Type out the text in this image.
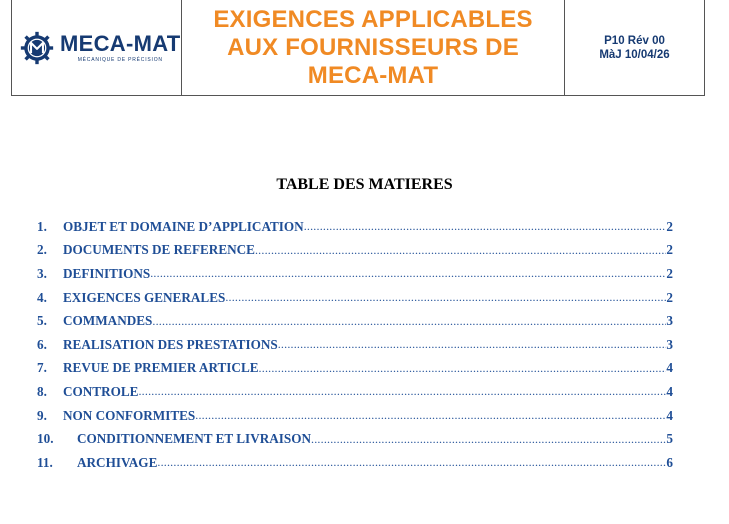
MECA-MAT
MÉCANIQUE DE PRÉCISION
EXIGENCES APPLICABLES
AUX FOURNISSEURS DE
MECA-MAT
P10 Rév 00
MàJ 10/04/26
TABLE DES MATIERES
1.	OBJET ET DOMAINE D’APPLICATION .....	2
2.	DOCUMENTS DE REFERENCE .....	2
3.	DEFINITIONS .....	2
4.	EXIGENCES GENERALES .....	2
5.	COMMANDES .....	3
6.	REALISATION DES PRESTATIONS .....	3
7.	REVUE DE PREMIER ARTICLE .....	4
8.	CONTROLE .....	4
9.	NON CONFORMITES .....	4
10.	CONDITIONNEMENT ET LIVRAISON .....	5
11.	ARCHIVAGE .....	6
